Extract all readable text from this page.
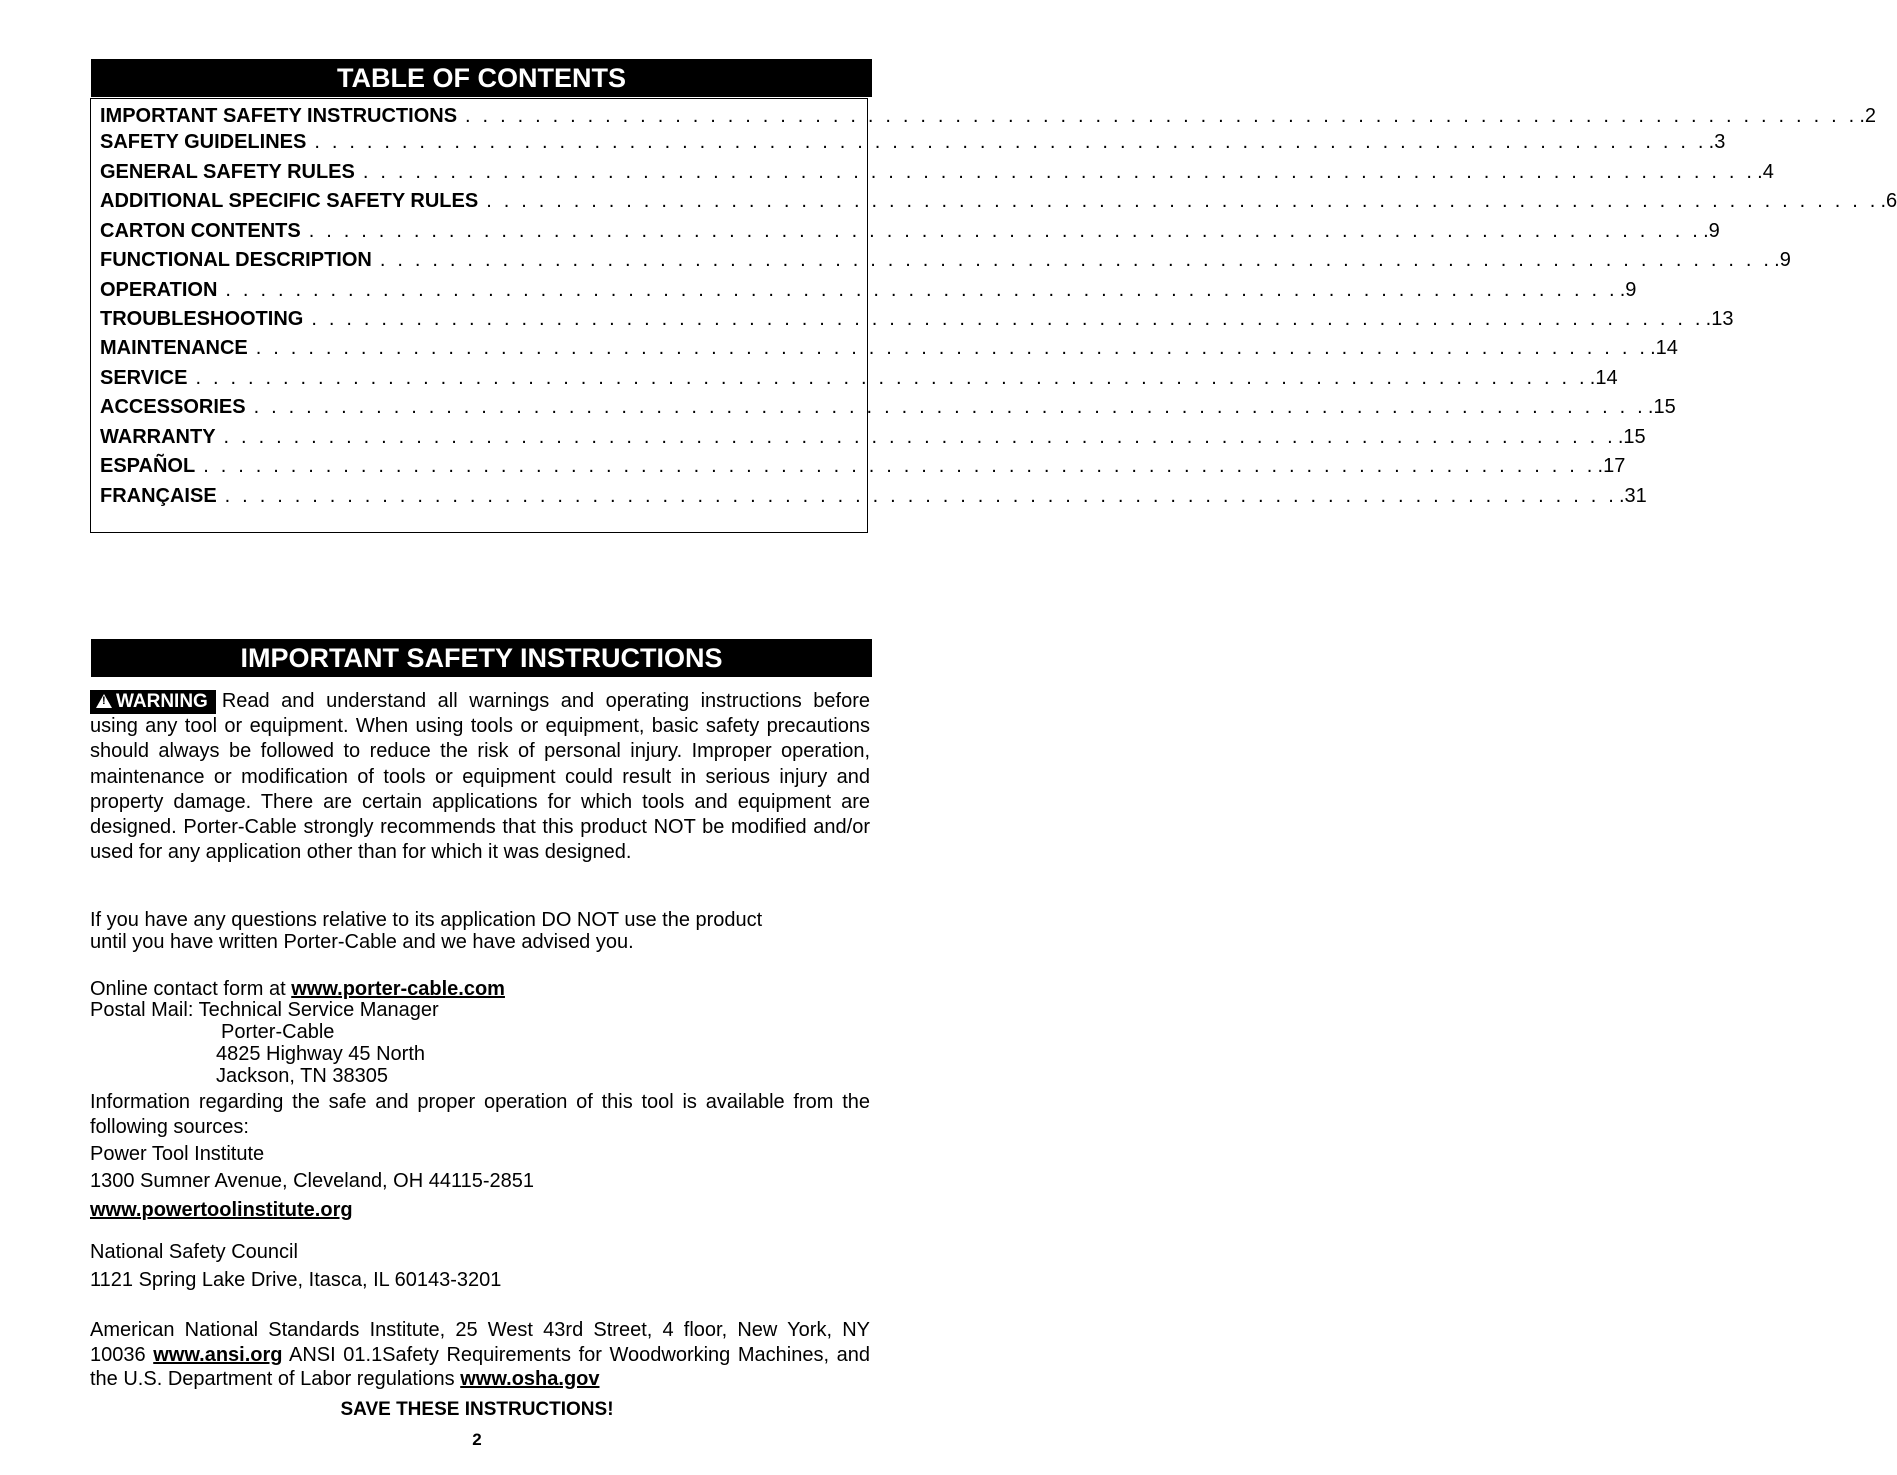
TABLE OF CONTENTS
IMPORTANT SAFETY INSTRUCTIONS . . . . . . . . . . . . . . . . . . . . . . . . . . . . . . . . . . . . . . . . . . . . . . . . . . . . . . . . . . . . . . . . . . . . . . . . . . . . . . . . .2
SAFETY GUIDELINES . . . . . . . . . . . . . . . . . . . . . . . . . . . . . . . . . . . . . . . . . . . . . . . . . . . . . . . . . . . . . . . . . . . . . . . . . . . . . . . . .3
GENERAL SAFETY RULES . . . . . . . . . . . . . . . . . . . . . . . . . . . . . . . . . . . . . . . . . . . . . . . . . . . . . . . . . . . . . . . . . . . . . . . . . . . . . . . . .4
ADDITIONAL SPECIFIC SAFETY RULES . . . . . . . . . . . . . . . . . . . . . . . . . . . . . . . . . . . . . . . . . . . . . . . . . . . . . . . . . . . . . . . . . . . . . . . . . . . . . . . . .6
CARTON CONTENTS . . . . . . . . . . . . . . . . . . . . . . . . . . . . . . . . . . . . . . . . . . . . . . . . . . . . . . . . . . . . . . . . . . . . . . . . . . . . . . . . .9
FUNCTIONAL DESCRIPTION . . . . . . . . . . . . . . . . . . . . . . . . . . . . . . . . . . . . . . . . . . . . . . . . . . . . . . . . . . . . . . . . . . . . . . . . . . . . . . . . .9
OPERATION . . . . . . . . . . . . . . . . . . . . . . . . . . . . . . . . . . . . . . . . . . . . . . . . . . . . . . . . . . . . . . . . . . . . . . . . . . . . . . . . .9
TROUBLESHOOTING . . . . . . . . . . . . . . . . . . . . . . . . . . . . . . . . . . . . . . . . . . . . . . . . . . . . . . . . . . . . . . . . . . . . . . . . . . . . . . . . .13
MAINTENANCE . . . . . . . . . . . . . . . . . . . . . . . . . . . . . . . . . . . . . . . . . . . . . . . . . . . . . . . . . . . . . . . . . . . . . . . . . . . . . . . . .14
SERVICE . . . . . . . . . . . . . . . . . . . . . . . . . . . . . . . . . . . . . . . . . . . . . . . . . . . . . . . . . . . . . . . . . . . . . . . . . . . . . . . . .14
ACCESSORIES . . . . . . . . . . . . . . . . . . . . . . . . . . . . . . . . . . . . . . . . . . . . . . . . . . . . . . . . . . . . . . . . . . . . . . . . . . . . . . . . .15
WARRANTY . . . . . . . . . . . . . . . . . . . . . . . . . . . . . . . . . . . . . . . . . . . . . . . . . . . . . . . . . . . . . . . . . . . . . . . . . . . . . . . . .15
ESPAÑOL . . . . . . . . . . . . . . . . . . . . . . . . . . . . . . . . . . . . . . . . . . . . . . . . . . . . . . . . . . . . . . . . . . . . . . . . . . . . . . . . .17
FRANÇAISE . . . . . . . . . . . . . . . . . . . . . . . . . . . . . . . . . . . . . . . . . . . . . . . . . . . . . . . . . . . . . . . . . . . . . . . . . . . . . . . . .31
IMPORTANT SAFETY INSTRUCTIONS
!WARNING Read and understand all warnings and operating instructions before using any tool or equipment. When using tools or equipment, basic safety precautions should always be followed to reduce the risk of personal injury. Improper operation, maintenance or modification of tools or equipment could result in serious injury and property damage. There are certain applications for which tools and equipment are designed. Porter-Cable strongly recommends that this product NOT be modified and/or used for any application other than for which it was designed.
If you have any questions relative to its application DO NOT use the product
until you have written Porter-Cable and we have advised you.
Online contact form at www.porter-cable.com
Postal Mail: Technical Service Manager
Porter-Cable
4825 Highway 45 North
Jackson, TN 38305
Information regarding the safe and proper operation of this tool is available from the following sources:
Power Tool Institute
1300 Sumner Avenue, Cleveland, OH 44115-2851
www.powertoolinstitute.org
National Safety Council
1121 Spring Lake Drive, Itasca, IL 60143-3201
American National Standards Institute, 25 West 43rd Street, 4 floor, New York, NY 10036 www.ansi.org ANSI 01.1Safety Requirements for Woodworking Machines, and the U.S. Department of Labor regulations www.osha.gov
SAVE THESE INSTRUCTIONS!
2
